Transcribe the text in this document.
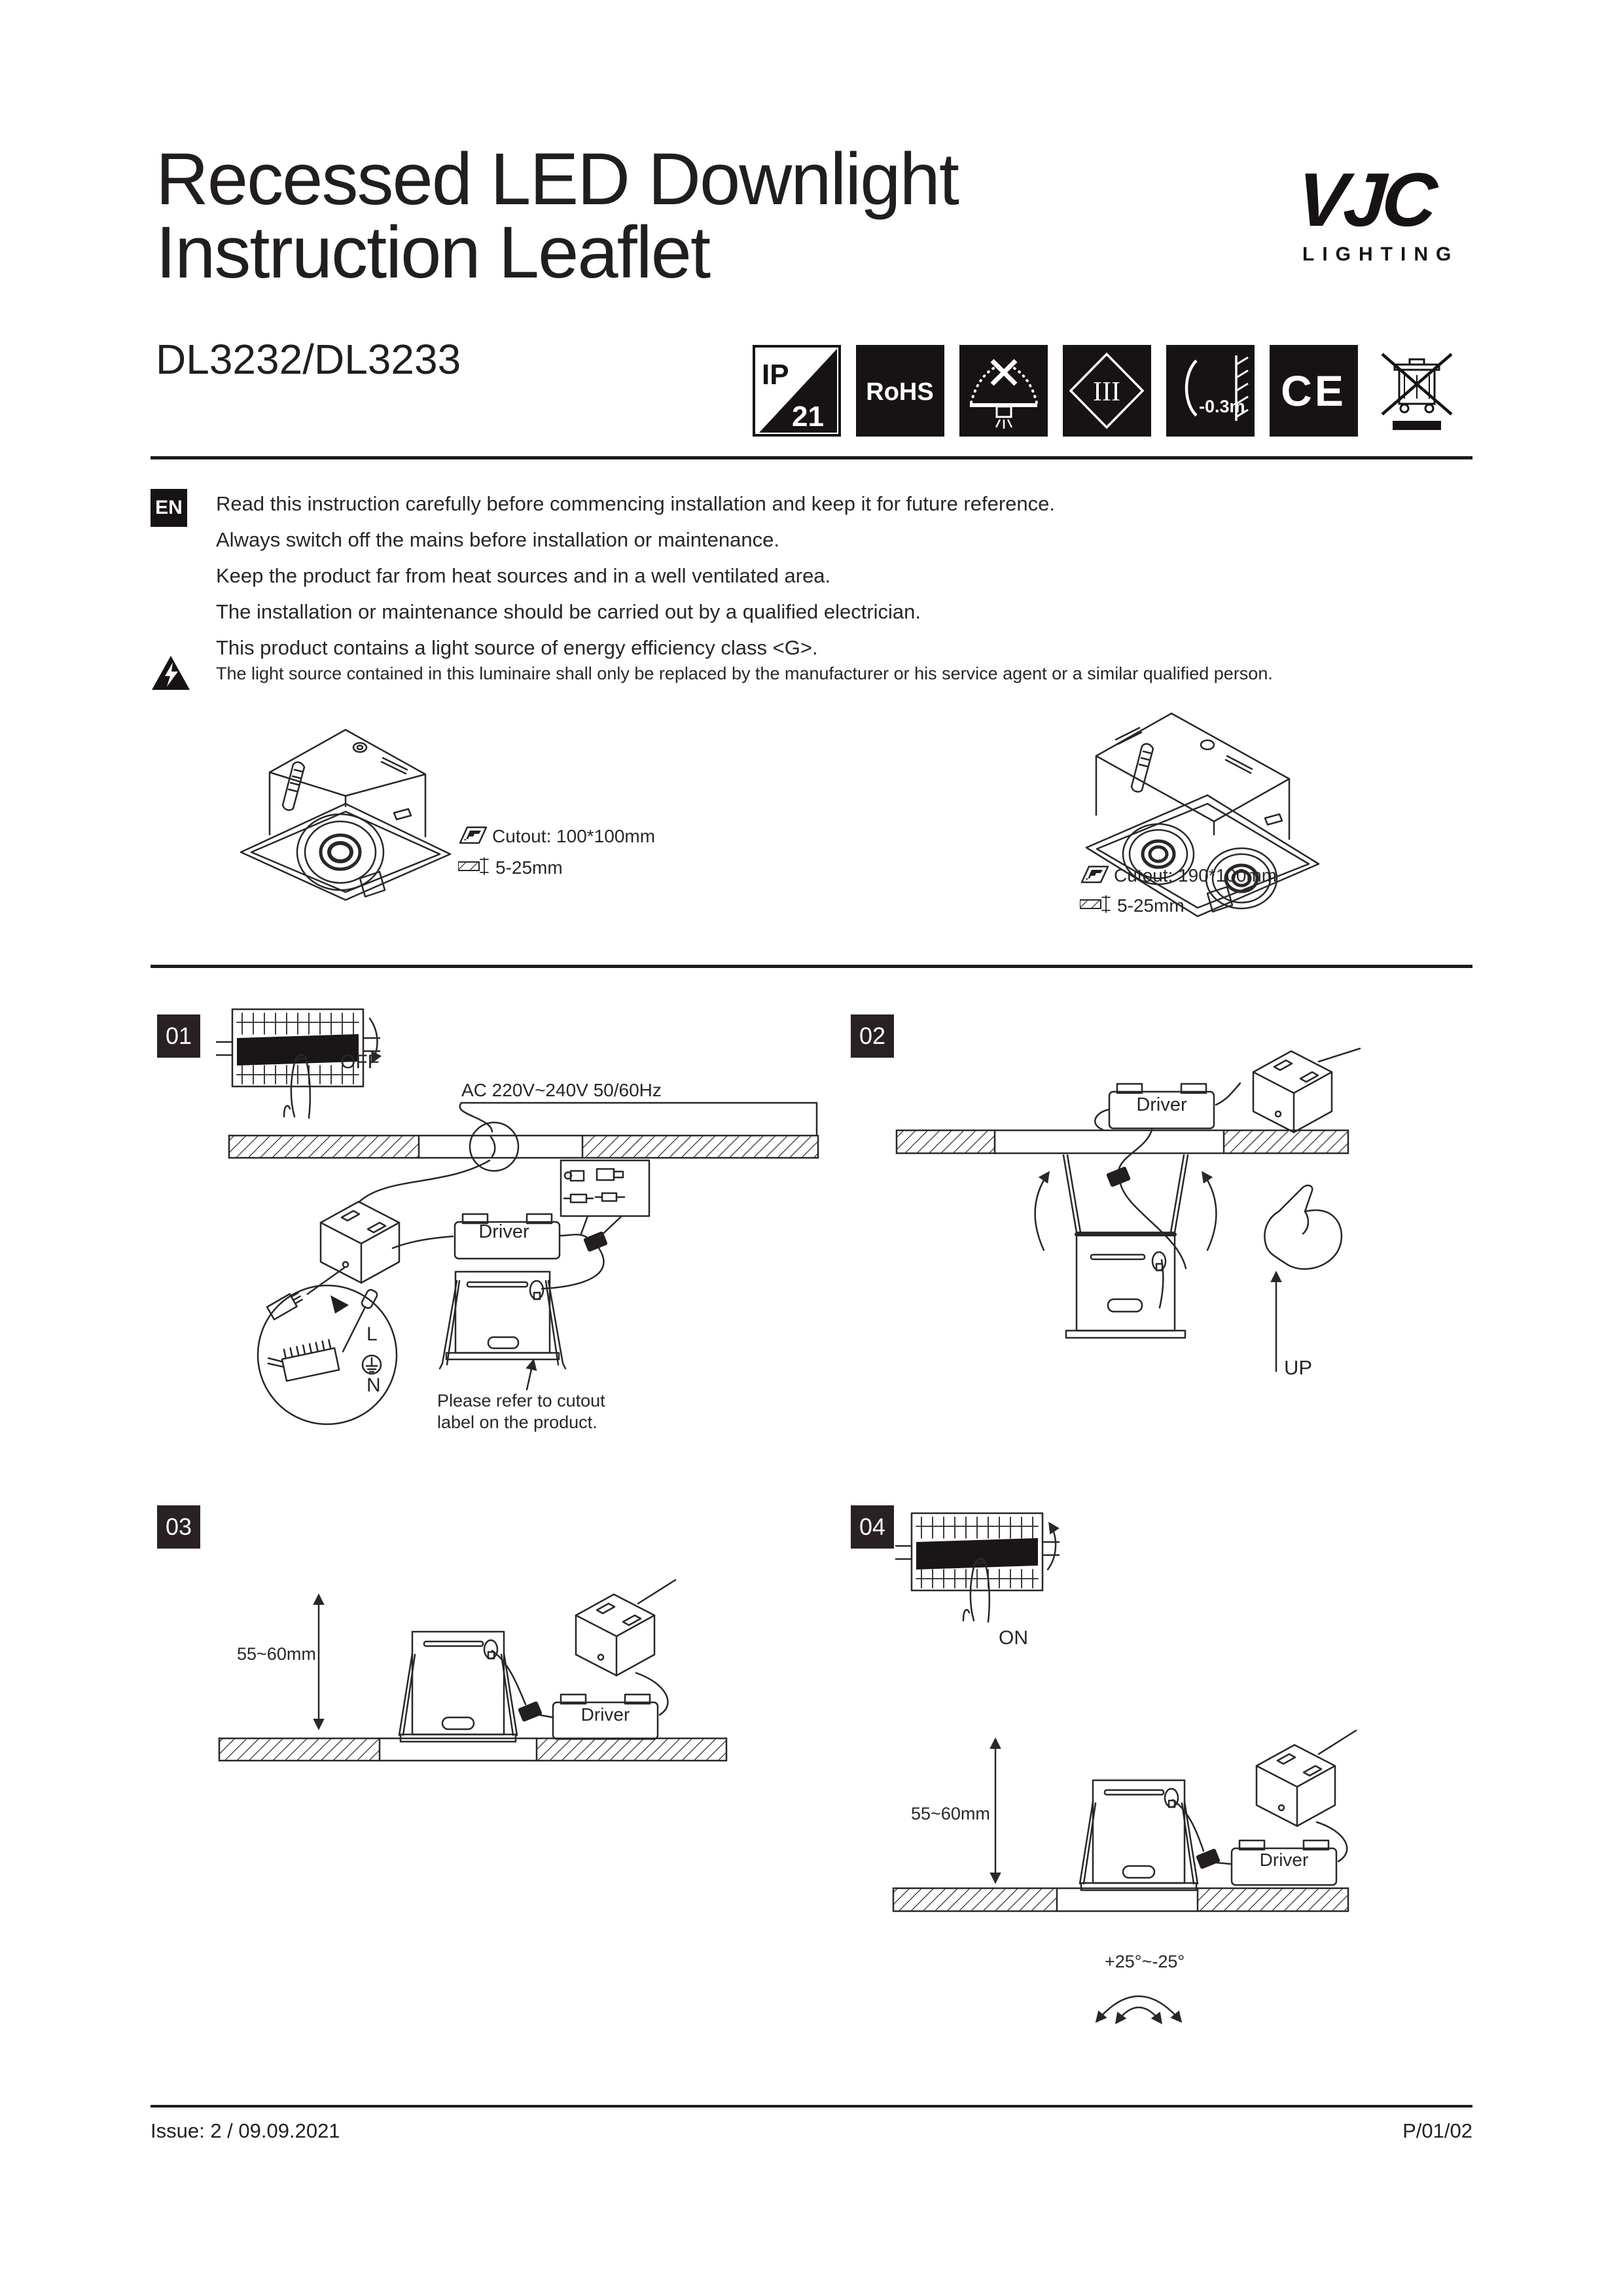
Recessed LED Downlight
Instruction Leaflet
DL3232/DL3233
VJC
LIGHTING
IP
21
RoHS	III	-0.3m CE
EN Read this instruction carefully before commencing installation and keep it for future reference.
Always switch off the mains before installation or maintenance.
Keep the product far from heat sources and in a well ventilated area.
The installation or maintenance should be carried out by a qualified electrician.
This product contains a light source of energy efficiency class <G>.
The light source contained in this luminaire shall only be replaced by the manufacturer or his service agent or a similar qualified person.
Cutout: 100*100mm
5-25mm	Cutout: 190*100mm
5-25mm
01
OFF
AC 220V~240V 50/60Hz
Driver
L
N
Please refer to cutout
label on the product.
02
Driver
UP
03
55~60mm
Driver
04
ON
55~60mm
Driver
+25°~-25°
Issue: 2 / 09.09.2021	P/01/02
